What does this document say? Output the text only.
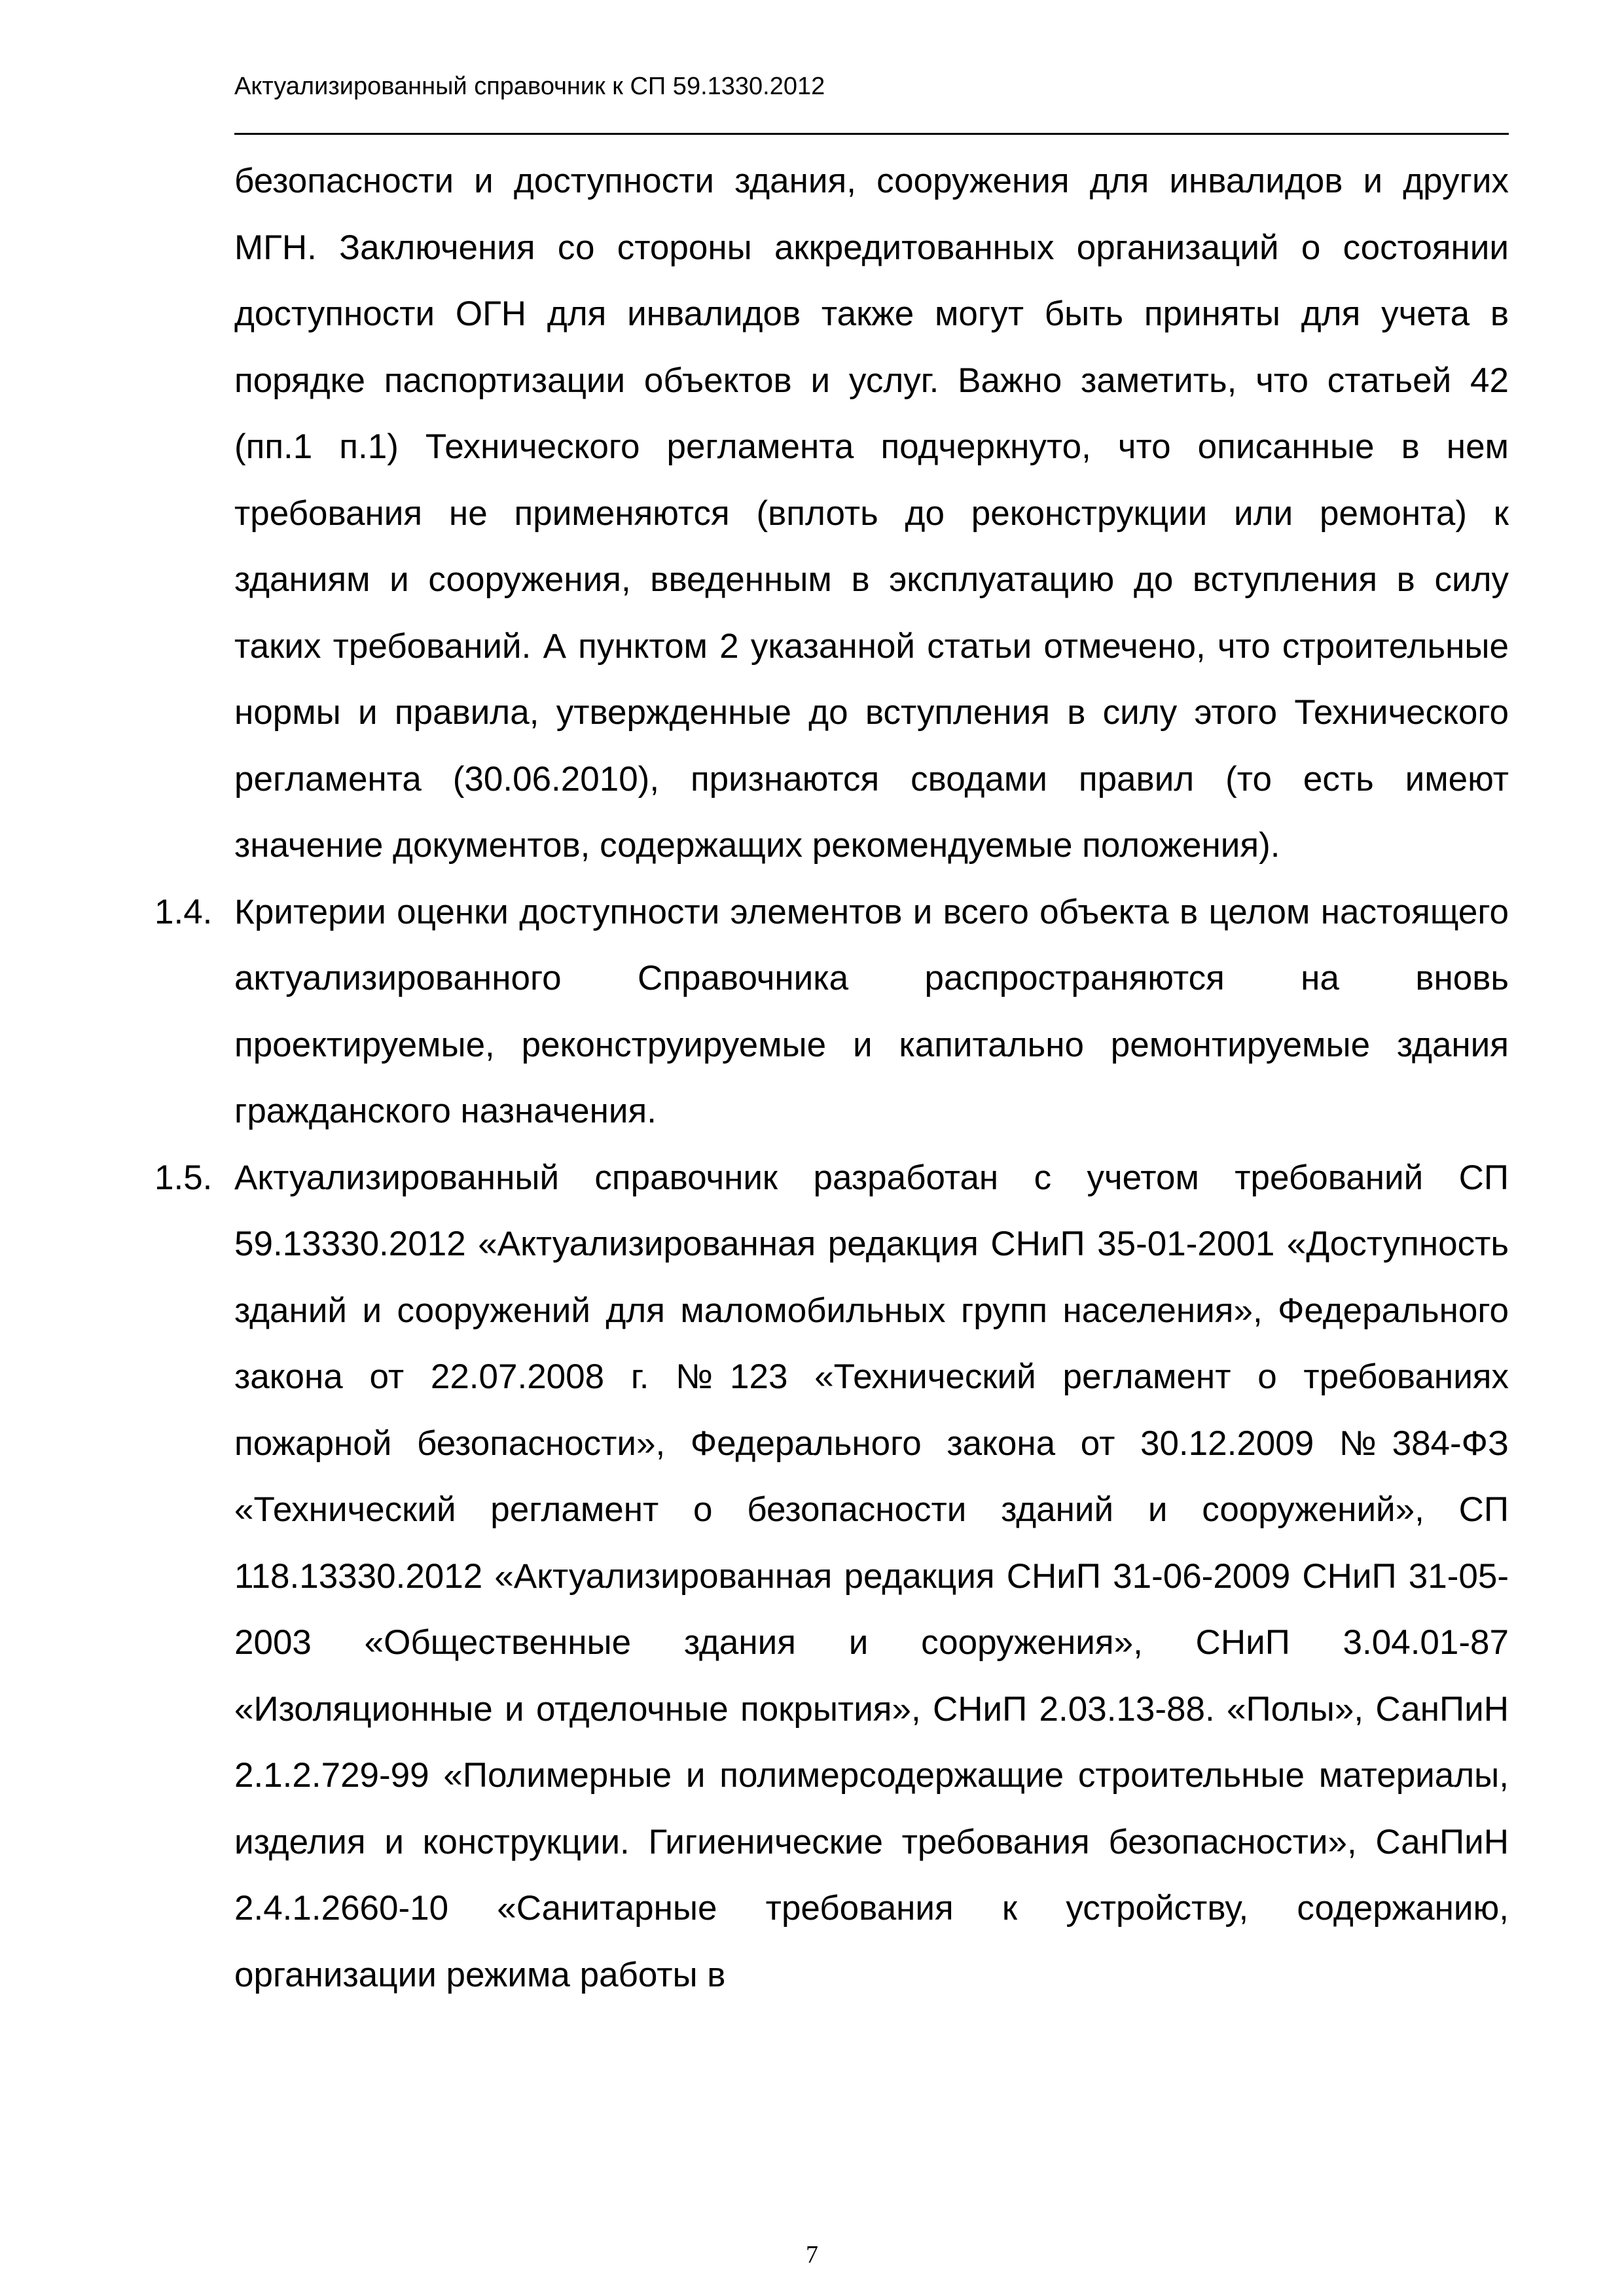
Актуализированный справочник к СП 59.1330.2012

безопасности и доступности здания, сооружения для инвалидов и других МГН. Заключения со стороны аккредитованных организаций о состоянии доступности ОГН для инвалидов также могут быть приняты для учета в порядке паспортизации объектов и услуг. Важно заметить, что статьей 42 (пп.1 п.1) Технического регламента подчеркнуто, что описанные в нем требования не применяются (вплоть до реконструкции или ремонта) к зданиям и сооружения, введенным в эксплуатацию до вступления в силу таких требований. А пунктом 2 указанной статьи отмечено, что строительные нормы и правила, утвержденные до вступления в силу этого Технического регламента (30.06.2010), признаются сводами правил (то есть имеют значение документов, содержащих рекомендуемые положения).

1.4. Критерии оценки доступности элементов и всего объекта в целом настоящего актуализированного Справочника распространяются на вновь проектируемые, реконструируемые и капитально ремонтируемые здания гражданского назначения.

1.5. Актуализированный справочник разработан с учетом требований СП 59.13330.2012 «Актуализированная редакция СНиП 35-01-2001 «Доступность зданий и сооружений для маломобильных групп населения», Федерального закона от 22.07.2008 г. №123 «Технический регламент о требованиях пожарной безопасности», Федерального закона от 30.12.2009 №384-ФЗ «Технический регламент о безопасности зданий и сооружений», СП 118.13330.2012 «Актуализированная редакция СНиП 31-06-2009 СНиП 31-05-2003 «Общественные здания и сооружения», СНиП 3.04.01-87 «Изоляционные и отделочные покрытия», СНиП 2.03.13-88. «Полы», СанПиН 2.1.2.729-99 «Полимерные и полимерсодержащие строительные материалы, изделия и конструкции. Гигиенические требования безопасности», СанПиН 2.4.1.2660-10 «Санитарные требования к устройству, содержанию, организации режима работы в

7
